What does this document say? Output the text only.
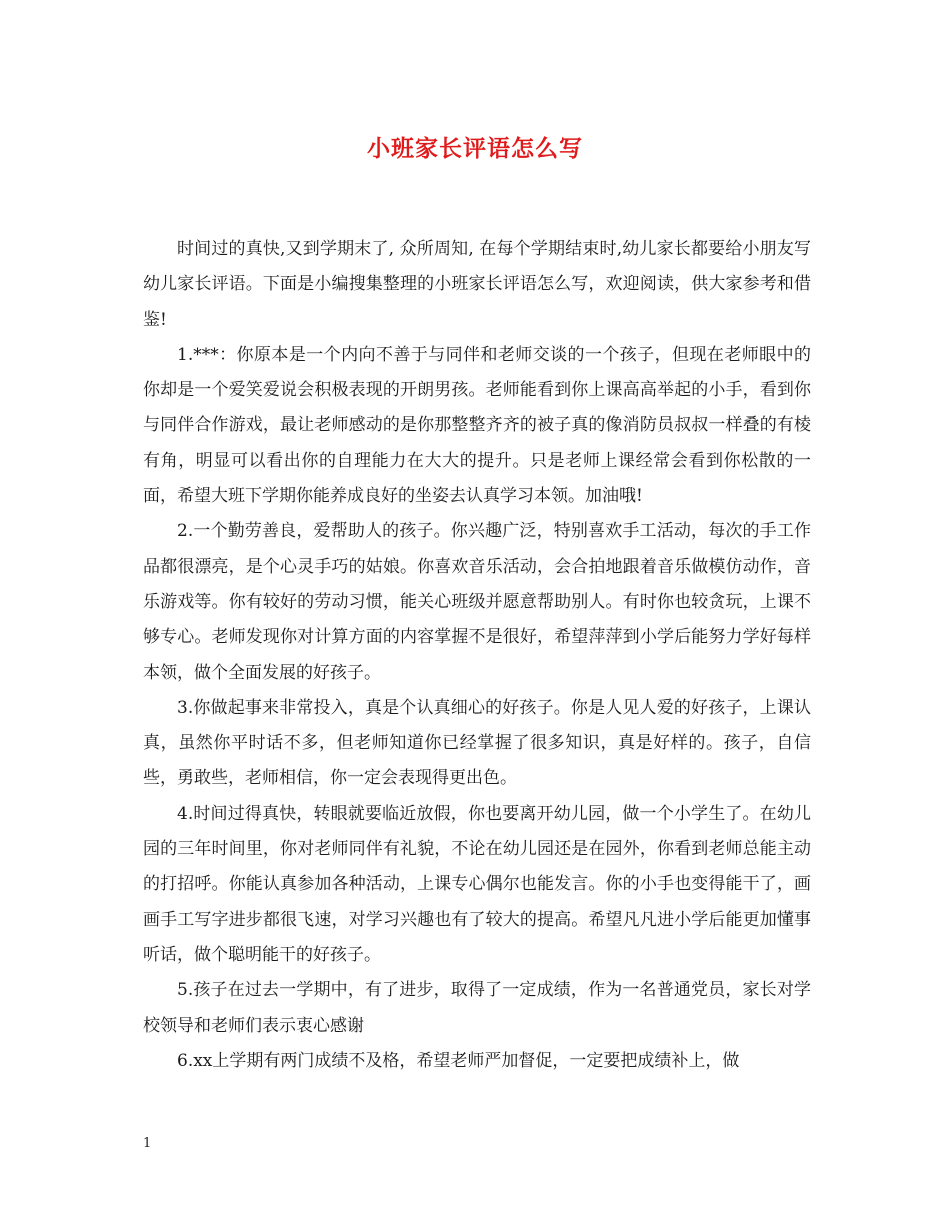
小班家长评语怎么写

时间过的真快,又到学期末了, 众所周知, 在每个学期结束时,幼儿家长都要给小朋友写幼儿家长评语。下面是小编搜集整理的小班家长评语怎么写，欢迎阅读，供大家参考和借鉴!

1.***：你原本是一个内向不善于与同伴和老师交谈的一个孩子，但现在老师眼中的你却是一个爱笑爱说会积极表现的开朗男孩。老师能看到你上课高高举起的小手，看到你与同伴合作游戏，最让老师感动的是你那整整齐齐的被子真的像消防员叔叔一样叠的有棱有角，明显可以看出你的自理能力在大大的提升。只是老师上课经常会看到你松散的一面，希望大班下学期你能养成良好的坐姿去认真学习本领。加油哦!

2.一个勤劳善良，爱帮助人的孩子。你兴趣广泛，特别喜欢手工活动，每次的手工作品都很漂亮，是个心灵手巧的姑娘。你喜欢音乐活动，会合拍地跟着音乐做模仿动作，音乐游戏等。你有较好的劳动习惯，能关心班级并愿意帮助别人。有时你也较贪玩，上课不够专心。老师发现你对计算方面的内容掌握不是很好，希望萍萍到小学后能努力学好每样本领，做个全面发展的好孩子。

3.你做起事来非常投入，真是个认真细心的好孩子。你是人见人爱的好孩子，上课认真，虽然你平时话不多，但老师知道你已经掌握了很多知识，真是好样的。孩子，自信些，勇敢些，老师相信，你一定会表现得更出色。

4.时间过得真快，转眼就要临近放假，你也要离开幼儿园，做一个小学生了。在幼儿园的三年时间里，你对老师同伴有礼貌，不论在幼儿园还是在园外，你看到老师总能主动的打招呼。你能认真参加各种活动，上课专心偶尔也能发言。你的小手也变得能干了，画画手工写字进步都很飞速，对学习兴趣也有了较大的提高。希望凡凡进小学后能更加懂事听话，做个聪明能干的好孩子。

5.孩子在过去一学期中，有了进步，取得了一定成绩，作为一名普通党员，家长对学校领导和老师们表示衷心感谢

6.xx上学期有两门成绩不及格，希望老师严加督促，一定要把成绩补上，做

1
